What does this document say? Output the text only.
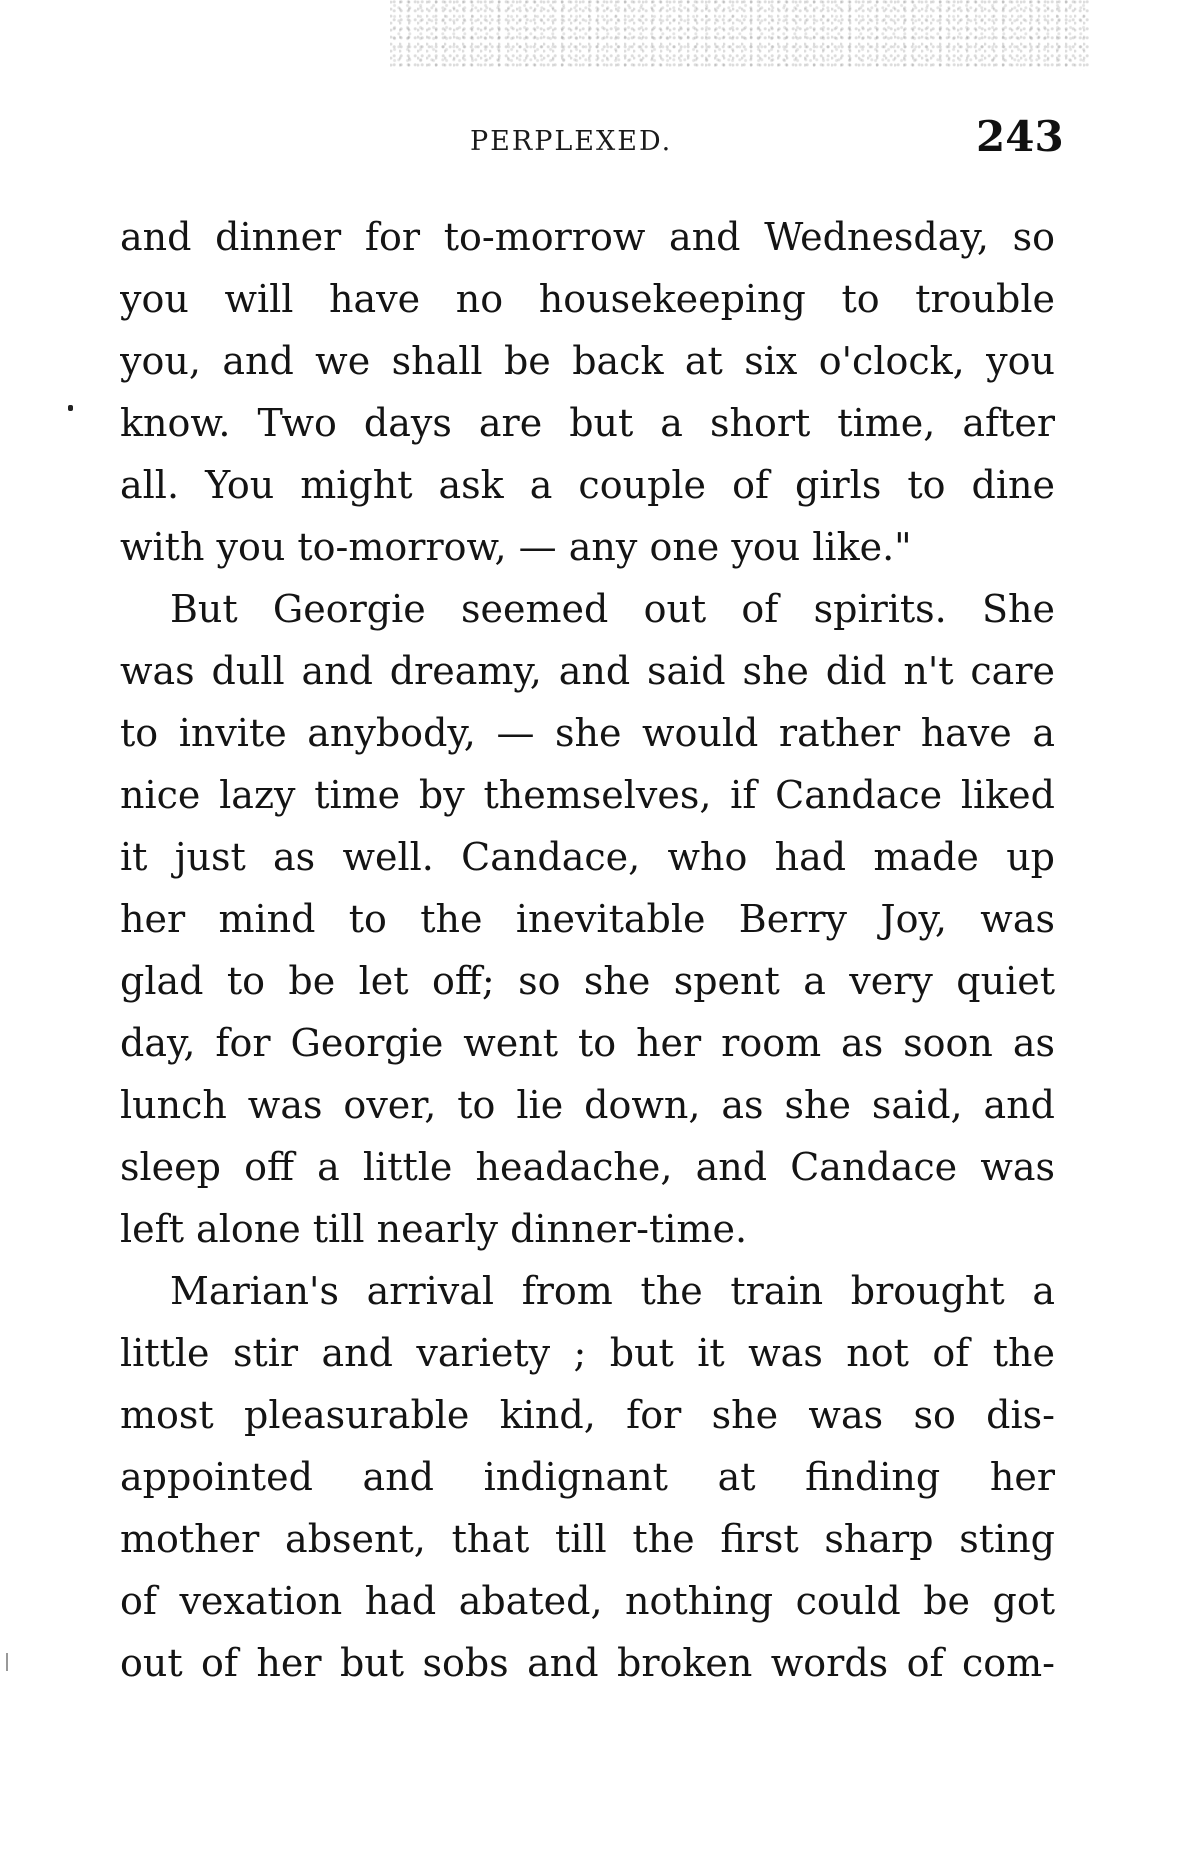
PERPLEXED.	243
and dinner for to-morrow and Wednesday, so
you will have no housekeeping to trouble
you, and we shall be back at six o'clock, you
know. Two days are but a short time, after
all. You might ask a couple of girls to dine
with you to-morrow, — any one you like."
But Georgie seemed out of spirits. She
was dull and dreamy, and said she did n't care
to invite anybody, — she would rather have a
nice lazy time by themselves, if Candace liked
it just as well. Candace, who had made up
her mind to the inevitable Berry Joy, was
glad to be let off; so she spent a very quiet
day, for Georgie went to her room as soon as
lunch was over, to lie down, as she said, and
sleep off a little headache, and Candace was
left alone till nearly dinner-time.
Marian's arrival from the train brought a
little stir and variety ; but it was not of the
most pleasurable kind, for she was so dis-
appointed and indignant at finding her
mother absent, that till the first sharp sting
of vexation had abated, nothing could be got
out of her but sobs and broken words of com-
